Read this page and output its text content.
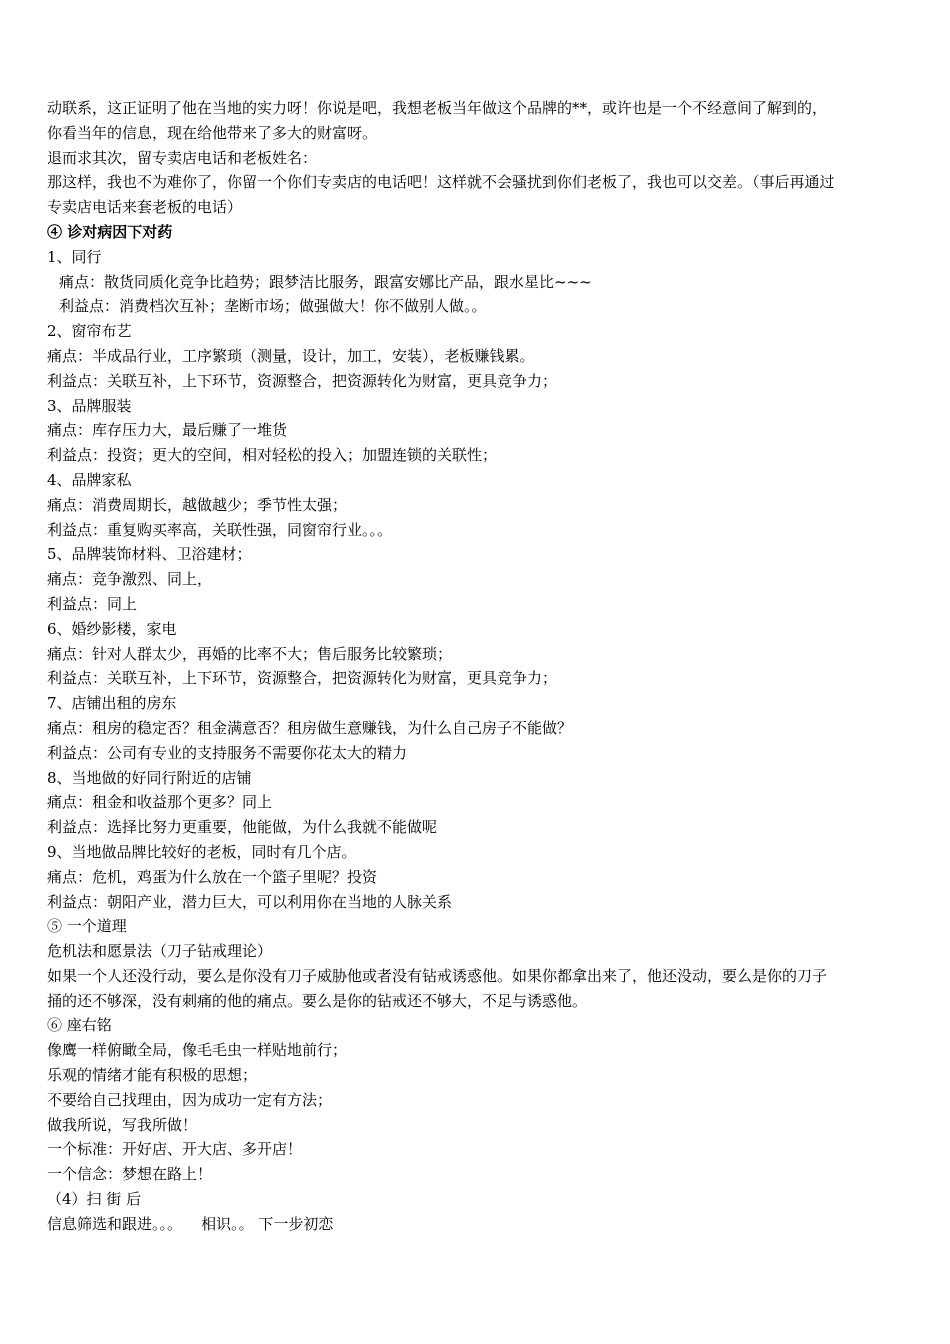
动联系，这正证明了他在当地的实力呀！你说是吧，我想老板当年做这个品牌的**，或许也是一个不经意间了解到的，
你看当年的信息，现在给他带来了多大的财富呀。
退而求其次，留专卖店电话和老板姓名：
那这样，我也不为难你了，你留一个你们专卖店的电话吧！这样就不会骚扰到你们老板了，我也可以交差。（事后再通过
专卖店电话来套老板的电话）
④ 诊对病因下对药
1、同行
痛点：散货同质化竞争比趋势；跟梦洁比服务，跟富安娜比产品，跟水星比~~~
利益点：消费档次互补；垄断市场；做强做大！你不做别人做。。
2、窗帘布艺
痛点：半成品行业，工序繁琐（测量，设计，加工，安装），老板赚钱累。
利益点：关联互补，上下环节，资源整合，把资源转化为财富，更具竞争力；
3、品牌服装
痛点：库存压力大，最后赚了一堆货
利益点：投资；更大的空间，相对轻松的投入；加盟连锁的关联性；
4、品牌家私
痛点：消费周期长，越做越少；季节性太强；
利益点：重复购买率高，关联性强，同窗帘行业。。。
5、品牌装饰材料、卫浴建材；
痛点：竞争激烈、同上，
利益点：同上
6、婚纱影楼，家电
痛点：针对人群太少，再婚的比率不大；售后服务比较繁琐；
利益点：关联互补，上下环节，资源整合，把资源转化为财富，更具竞争力；
7、店铺出租的房东
痛点：租房的稳定否？租金满意否？租房做生意赚钱，为什么自己房子不能做？
利益点：公司有专业的支持服务不需要你花太大的精力
8、当地做的好同行附近的店铺
痛点：租金和收益那个更多？同上
利益点：选择比努力更重要，他能做，为什么我就不能做呢
9、当地做品牌比较好的老板，同时有几个店。
痛点：危机，鸡蛋为什么放在一个篮子里呢？投资
利益点：朝阳产业，潜力巨大，可以利用你在当地的人脉关系
⑤ 一个道理
危机法和愿景法（刀子钻戒理论）
如果一个人还没行动，要么是你没有刀子威胁他或者没有钻戒诱惑他。如果你都拿出来了，他还没动，要么是你的刀子
捅的还不够深，没有刺痛的他的痛点。要么是你的钻戒还不够大，不足与诱惑他。
⑥ 座右铭
像鹰一样俯瞰全局，像毛毛虫一样贴地前行；
乐观的情绪才能有积极的思想；
不要给自己找理由，因为成功一定有方法；
做我所说，写我所做！
一个标准：开好店、开大店、多开店！
一个信念：梦想在路上！
（4）扫 街 后
信息筛选和跟进。。。    相识。。 下一步初恋
